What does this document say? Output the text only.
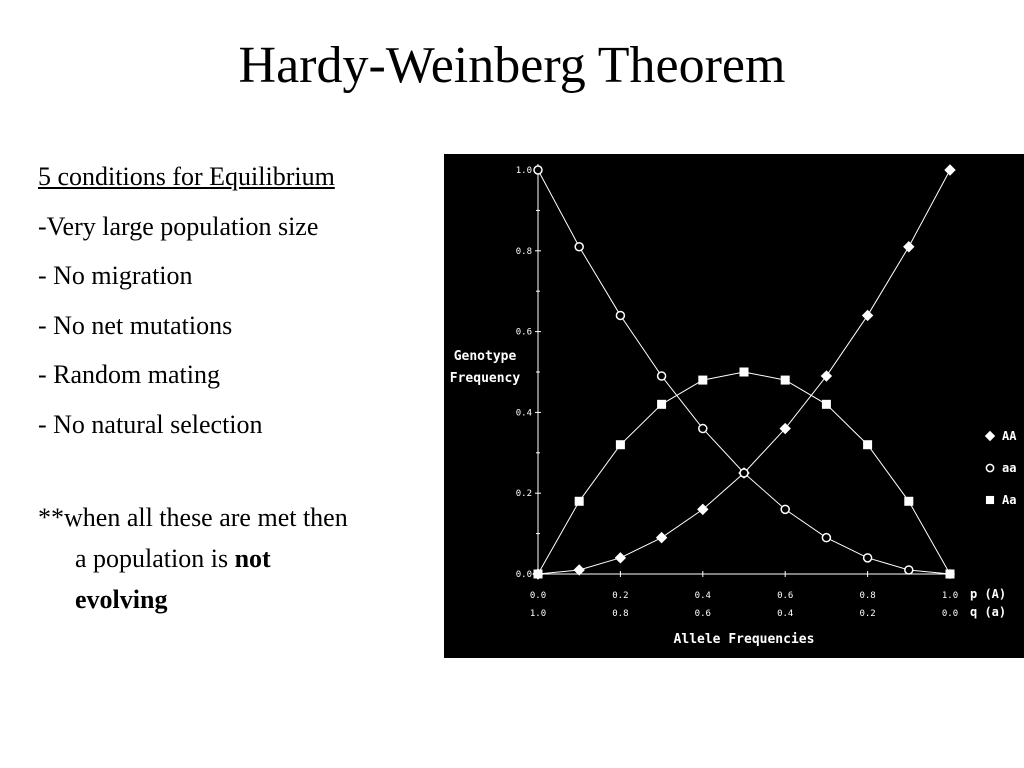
Hardy-Weinberg Theorem
5 conditions for Equilibrium
-Very large population size
- No migration
- No net mutations
- Random mating
- No natural selection
**when all these are met then
a population is not
evolving
0.0
0.2
0.4
0.6
0.8
1.0
0.0	0.2	0.4	0.6	0.8	1.0 p (A)
1.0	0.8	0.6	0.4	0.2	0.0 q (a)
Allele Frequencies
Genotype
Frequency
AA
aa
Aa
